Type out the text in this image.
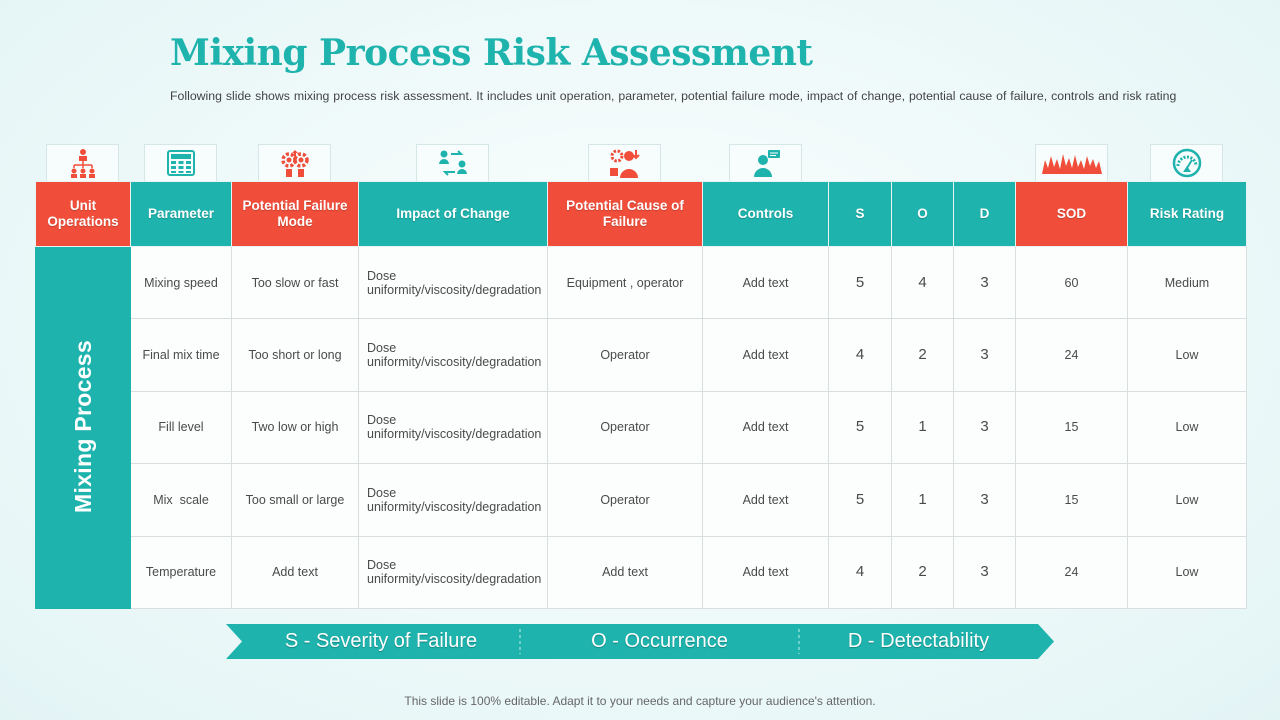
Mixing Process Risk Assessment
Following slide shows mixing process risk assessment. It includes unit operation, parameter, potential failure mode, impact of change, potential cause of failure, controls and risk rating
Unit Operations	Parameter	Potential Failure Mode	Impact of Change	Potential Cause of Failure	Controls	S	O	D	SOD	Risk Rating
Mixing Process	Mixing speed	Too slow or fast	Dose uniformity/viscosity/degradation	Equipment , operator	Add text	5	4	3	60	Medium
	Final mix time	Too short or long	Dose uniformity/viscosity/degradation	Operator	Add text	4	2	3	24	Low
	Fill level	Two low or high	Dose uniformity/viscosity/degradation	Operator	Add text	5	1	3	15	Low
	Mix  scale	Too small or large	Dose uniformity/viscosity/degradation	Operator	Add text	5	1	3	15	Low
	Temperature	Add text	Dose uniformity/viscosity/degradation	Add text	Add text	4	2	3	24	Low
S - Severity of Failure	O - Occurrence	D - Detectability
This slide is 100% editable. Adapt it to your needs and capture your audience's attention.
